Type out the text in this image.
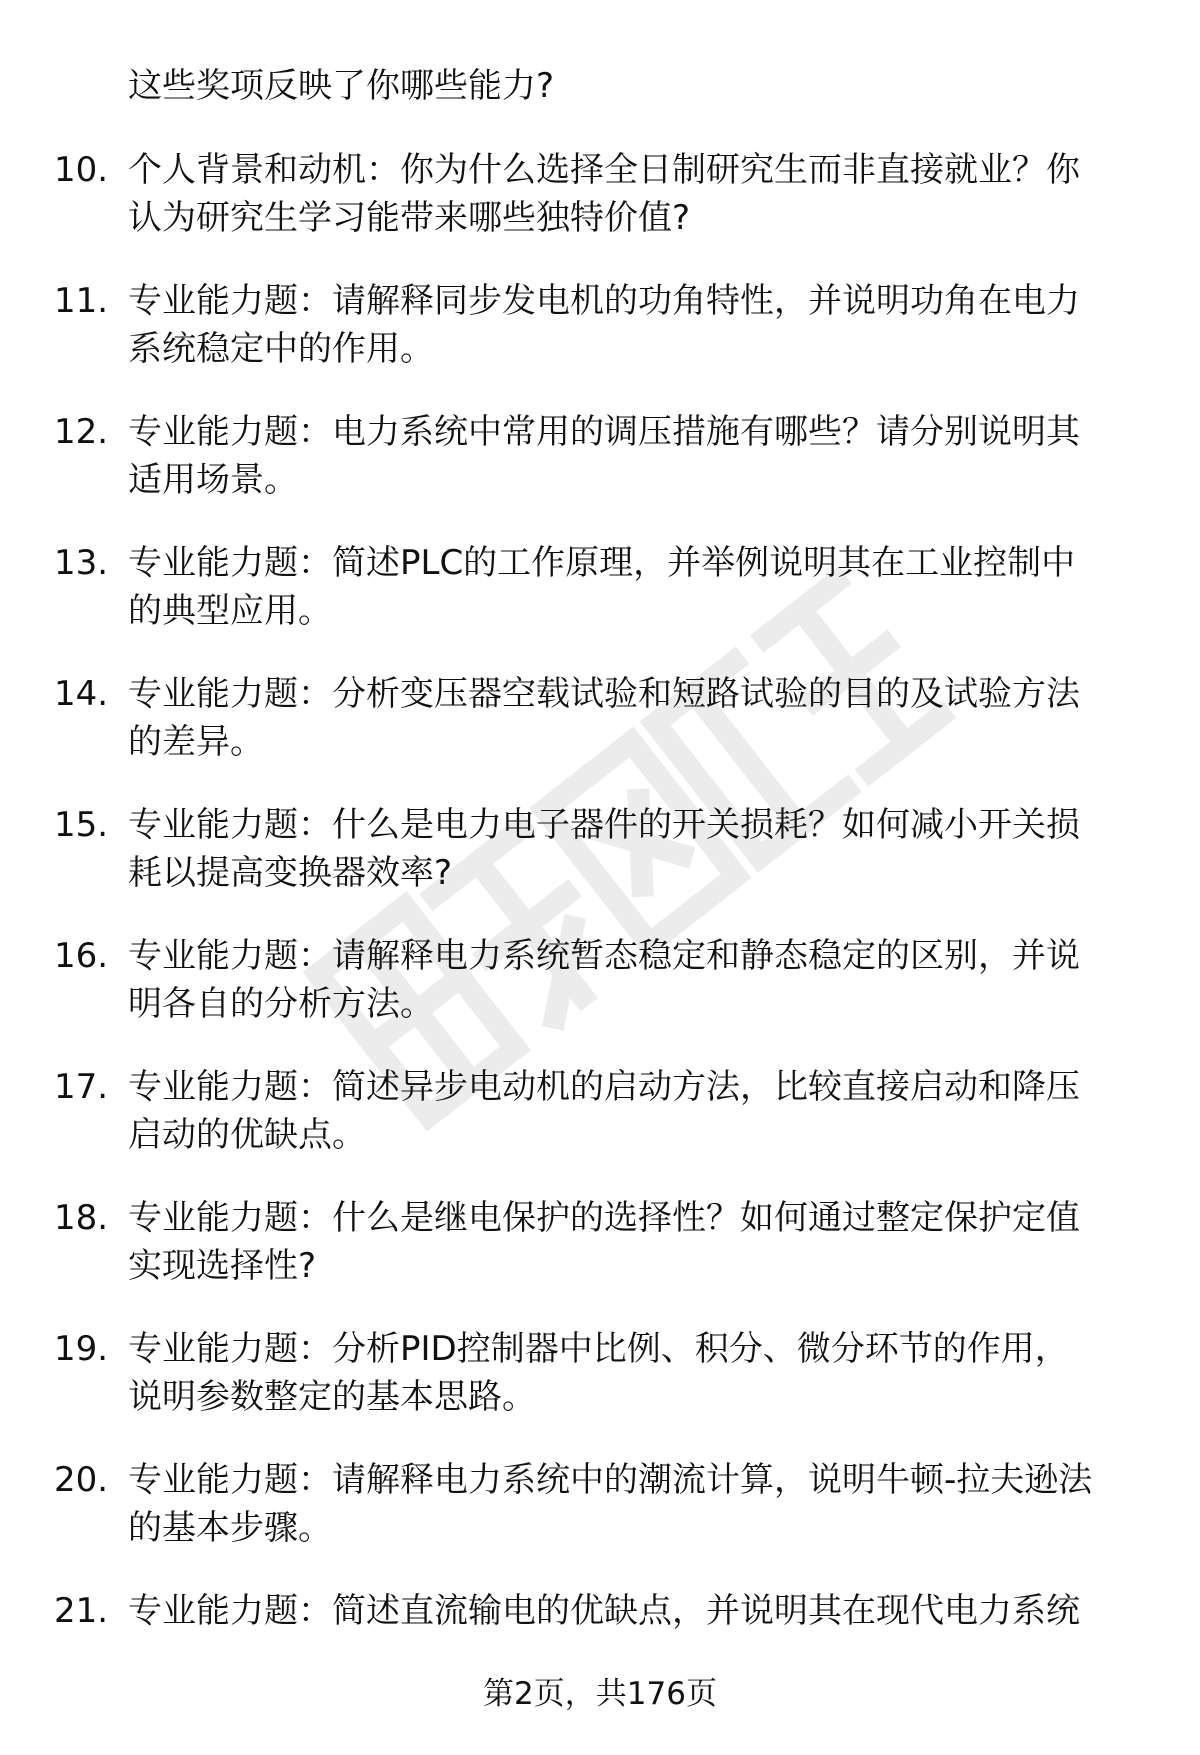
这些奖项反映了你哪些能力?

10. 个人背景和动机：你为什么选择全日制研究生而非直接就业？你
认为研究生学习能带来哪些独特价值?
11. 专业能力题：请解释同步发电机的功角特性，并说明功角在电力
系统稳定中的作用。
12. 专业能力题：电力系统中常用的调压措施有哪些？请分别说明其
适用场景。
13. 专业能力题：简述PLC的工作原理，并举例说明其在工业控制中
的典型应用。
14. 专业能力题：分析变压器空载试验和短路试验的目的及试验方法
的差异。
15. 专业能力题：什么是电力电子器件的开关损耗？如何减小开关损
耗以提高变换器效率?
16. 专业能力题：请解释电力系统暂态稳定和静态稳定的区别，并说
明各自的分析方法。
17. 专业能力题：简述异步电动机的启动方法，比较直接启动和降压
启动的优缺点。
18. 专业能力题：什么是继电保护的选择性？如何通过整定保护定值
实现选择性?
19. 专业能力题：分析PID控制器中比例、积分、微分环节的作用，
说明参数整定的基本思路。
20. 专业能力题：请解释电力系统中的潮流计算，说明牛顿-拉夫逊法
的基本步骤。
21. 专业能力题：简述直流输电的优缺点，并说明其在现代电力系统
第2页，共176页
